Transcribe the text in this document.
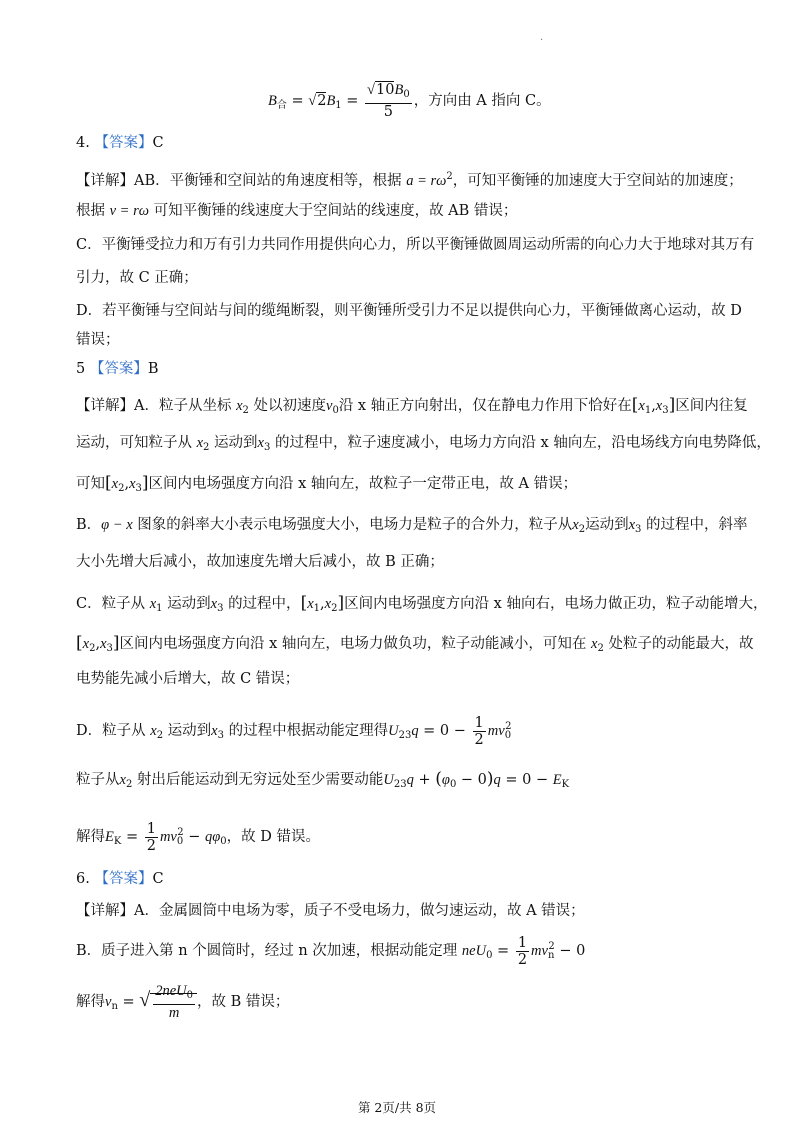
·
$B_合 = √2B_1 = \frac{√10B_0}{5}$ ，方向由 A 指向 C。
4. 【答案】C
【详解】AB．平衡锤和空间站的角速度相等，根据 $a = r\omega^2$，可知平衡锤的加速度大于空间站的加速度；
根据 v = rω 可知平衡锤的线速度大于空间站的线速度，故 AB 错误；
C．平衡锤受拉力和万有引力共同作用提供向心力，所以平衡锤做圆周运动所需的向心力大于地球对其万有
引力，故 C 正确；
D．若平衡锤与空间站与间的缆绳断裂，则平衡锤所受引力不足以提供向心力，平衡锤做离心运动，故 D
错误；
5 【答案】B
【详解】A．粒子从坐标 $x_2$ 处以初速度$v_0$沿 x 轴正方向射出，仅在静电力作用下恰好在$[x_1,x_3]$区间内往复
运动，可知粒子从 $x_2$ 运动到$x_3$ 的过程中，粒子速度减小，电场力方向沿 x 轴向左，沿电场线方向电势降低，
可知$[x_2,x_3]$区间内电场强度方向沿 x 轴向左，故粒子一定带正电，故 A 错误；
B．φ − x 图象的斜率大小表示电场强度大小，电场力是粒子的合外力，粒子从$x_2$运动到$x_3$ 的过程中，斜率
大小先增大后减小，故加速度先增大后减小，故 B 正确；
C．粒子从 $x_1$ 运动到$x_3$ 的过程中，$[x_1,x_2]$区间内电场强度方向沿 x 轴向右，电场力做正功，粒子动能增大，
$[x_2,x_3]$区间内电场强度方向沿 x 轴向左，电场力做负功，粒子动能减小，可知在 $x_2$ 处粒子的动能最大，故
电势能先减小后增大，故 C 错误；
D．粒子从 $x_2$ 运动到$x_3$ 的过程中根据动能定理得$U_{23}q = 0 - \frac{1}{2} mv_0^2$
粒子从$x_2$ 射出后能运动到无穷远处至少需要动能$U_{23}q + (\varphi_0 - 0)q = 0 - E_K$
解得$E_K = \frac{1}{2} mv_0^2 - q\varphi_0$，故 D 错误。
6. 【答案】C
【详解】A．金属圆筒中电场为零，质子不受电场力，做匀速运动，故 A 错误；
B．质子进入第 n 个圆筒时，经过 n 次加速，根据动能定理 $neU_0 = \frac{1}{2} mv_n^2 - 0$
解得$v_n$ = √ $\frac{2neU_0}{m}$ ，故 B 错误；
第 2页/共 8页
